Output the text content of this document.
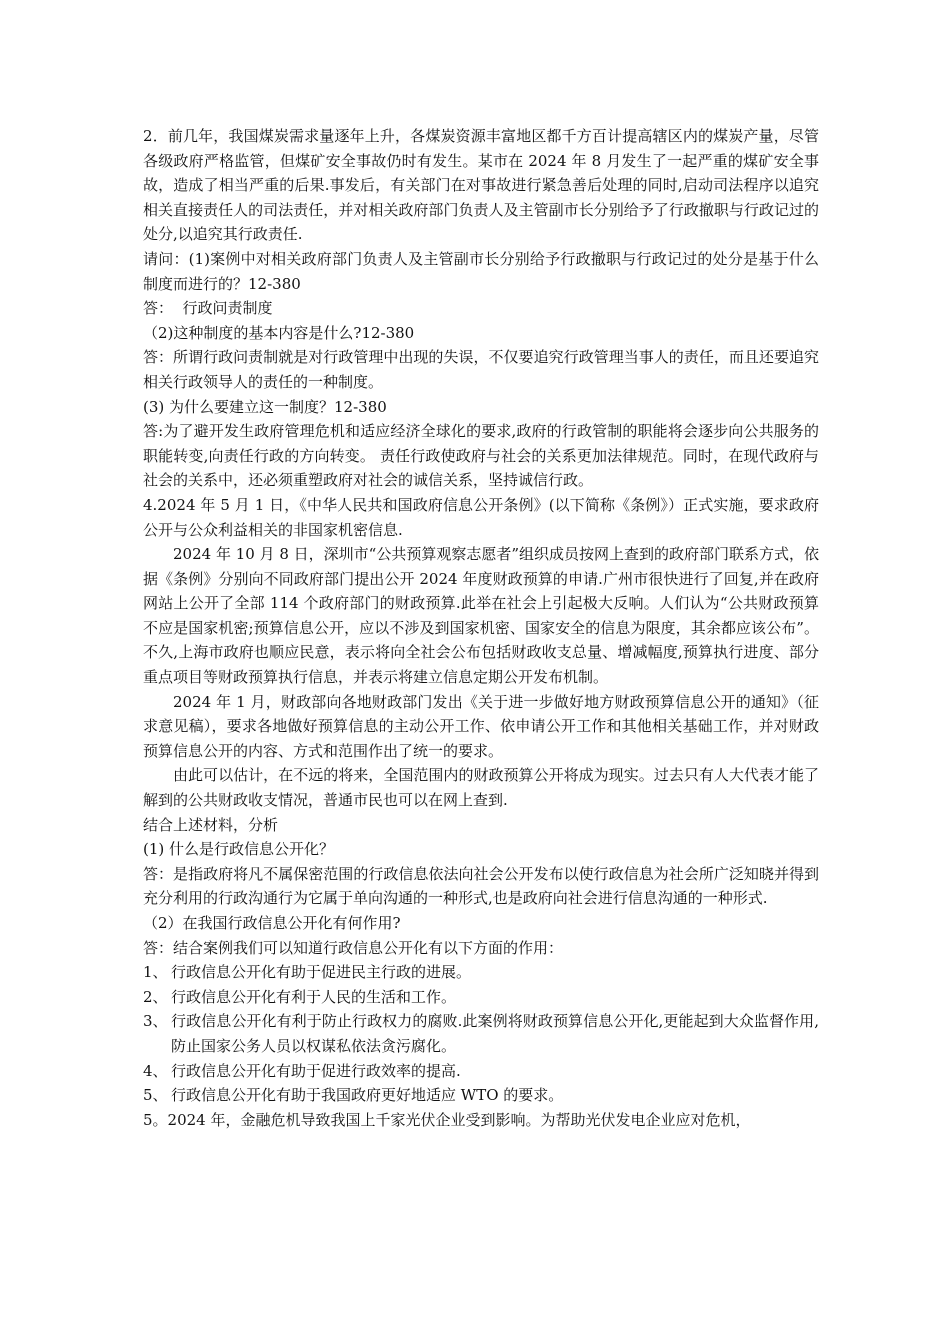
2．前几年，我国煤炭需求量逐年上升，各煤炭资源丰富地区都千方百计提高辖区内的煤炭产量，尽管各级政府严格监管，但煤矿安全事故仍时有发生。某市在 2024 年 8 月发生了一起严重的煤矿安全事故，造成了相当严重的后果.事发后，有关部门在对事故进行紧急善后处理的同时,启动司法程序以追究相关直接责任人的司法责任，并对相关政府部门负责人及主管副市长分别给予了行政撤职与行政记过的处分,以追究其行政责任.

请问：(1)案例中对相关政府部门负责人及主管副市长分别给予行政撤职与行政记过的处分是基于什么制度而进行的？12-380

答：  行政问责制度

（2)这种制度的基本内容是什么?12-380

答：所谓行政问责制就是对行政管理中出现的失误，不仅要追究行政管理当事人的责任，而且还要追究相关行政领导人的责任的一种制度。

(3) 为什么要建立这一制度？12-380

答:为了避开发生政府管理危机和适应经济全球化的要求,政府的行政管制的职能将会逐步向公共服务的职能转变,向责任行政的方向转变。 责任行政使政府与社会的关系更加法律规范。同时，在现代政府与社会的关系中，还必须重塑政府对社会的诚信关系，坚持诚信行政。

4.2024 年 5 月 1 日，《中华人民共和国政府信息公开条例》(以下简称《条例》）正式实施，要求政府公开与公众利益相关的非国家机密信息.

2024 年 10 月 8 日，深圳市“公共预算观察志愿者”组织成员按网上查到的政府部门联系方式，依据《条例》分别向不同政府部门提出公开 2024 年度财政预算的申请.广州市很快进行了回复,并在政府网站上公开了全部 114 个政府部门的财政预算.此举在社会上引起极大反响。人们认为“公共财政预算不应是国家机密;预算信息公开，应以不涉及到国家机密、国家安全的信息为限度，其余都应该公布”。不久,上海市政府也顺应民意，表示将向全社会公布包括财政收支总量、增减幅度,预算执行进度、部分重点项目等财政预算执行信息，并表示将建立信息定期公开发布机制。

2024 年 1 月，财政部向各地财政部门发出《关于进一步做好地方财政预算信息公开的通知》（征求意见稿），要求各地做好预算信息的主动公开工作、依申请公开工作和其他相关基础工作，并对财政预算信息公开的内容、方式和范围作出了统一的要求。

由此可以估计，在不远的将来，全国范围内的财政预算公开将成为现实。过去只有人大代表才能了解到的公共财政收支情况，普通市民也可以在网上查到.

结合上述材料，分析

(1) 什么是行政信息公开化？

答：是指政府将凡不属保密范围的行政信息依法向社会公开发布以使行政信息为社会所广泛知晓并得到充分利用的行政沟通行为它属于单向沟通的一种形式,也是政府向社会进行信息沟通的一种形式.

（2）在我国行政信息公开化有何作用?

答：结合案例我们可以知道行政信息公开化有以下方面的作用：

1、 行政信息公开化有助于促进民主行政的进展。
2、 行政信息公开化有利于人民的生活和工作。
3、 行政信息公开化有利于防止行政权力的腐败.此案例将财政预算信息公开化,更能起到大众监督作用,防止国家公务人员以权谋私依法贪污腐化。
4、 行政信息公开化有助于促进行政效率的提高.
5、 行政信息公开化有助于我国政府更好地适应 WTO 的要求。

5。2024 年，金融危机导致我国上千家光伏企业受到影响。为帮助光伏发电企业应对危机，
